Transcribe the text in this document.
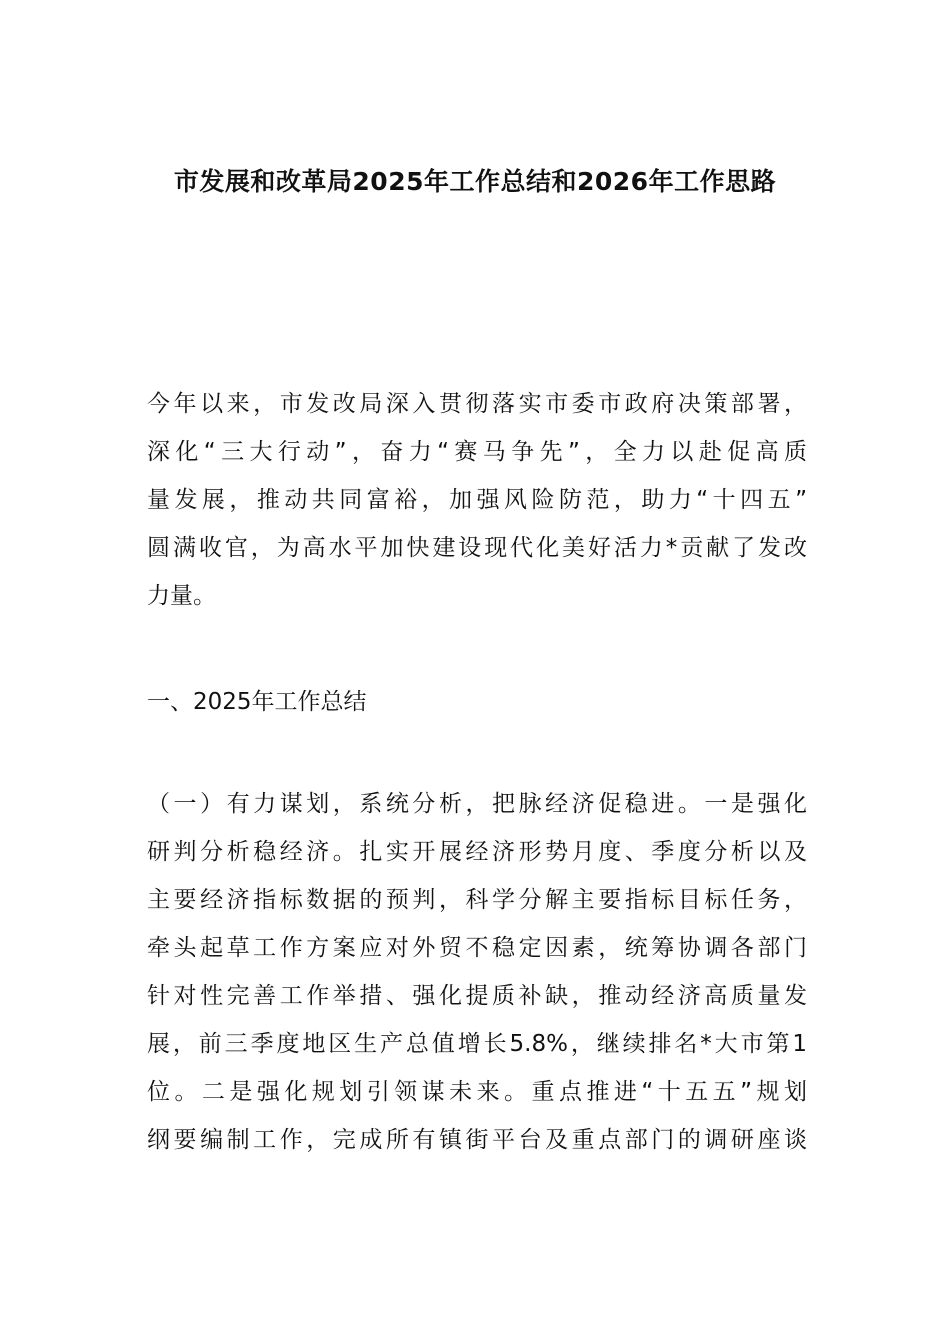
市发展和改革局2025年工作总结和2026年工作思路
今年以来，市发改局深入贯彻落实市委市政府决策部署，
深化“三大行动”，奋力“赛马争先”，全力以赴促高质
量发展，推动共同富裕，加强风险防范，助力“十四五”
圆满收官，为高水平加快建设现代化美好活力*贡献了发改
力量。
一、2025年工作总结
（一）有力谋划，系统分析，把脉经济促稳进。一是强化
研判分析稳经济。扎实开展经济形势月度、季度分析以及
主要经济指标数据的预判，科学分解主要指标目标任务，
牵头起草工作方案应对外贸不稳定因素，统筹协调各部门
针对性完善工作举措、强化提质补缺，推动经济高质量发
展，前三季度地区生产总值增长5.8%，继续排名*大市第1
位。二是强化规划引领谋未来。重点推进“十五五”规划
纲要编制工作，完成所有镇街平台及重点部门的调研座谈
